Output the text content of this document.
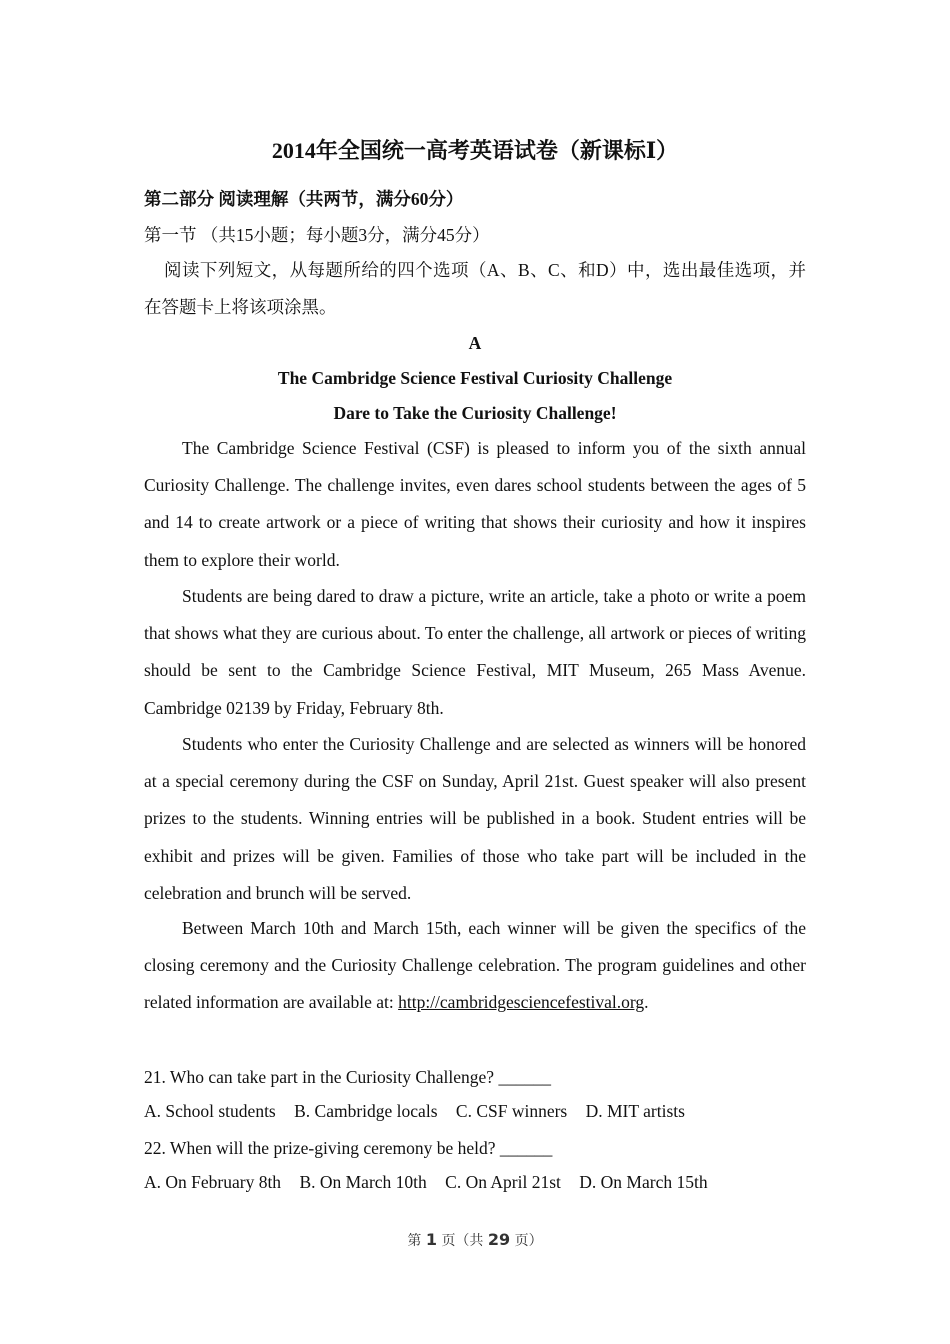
2014年全国统一高考英语试卷（新课标Ⅰ）
第二部分 阅读理解（共两节，满分60分）
第一节 （共15小题；每小题3分，满分45分）
阅读下列短文，从每题所给的四个选项（A、B、C、和D）中，选出最佳选项，并在答题卡上将该项涂黑。
A
The Cambridge Science Festival Curiosity Challenge
Dare to Take the Curiosity Challenge!
The Cambridge Science Festival (CSF) is pleased to inform you of the sixth annual Curiosity Challenge. The challenge invites, even dares school students between the ages of 5 and 14 to create artwork or a piece of writing that shows their curiosity and how it inspires them to explore their world.
Students are being dared to draw a picture, write an article, take a photo or write a poem that shows what they are curious about. To enter the challenge, all artwork or pieces of writing should be sent to the Cambridge Science Festival, MIT Museum, 265 Mass Avenue. Cambridge 02139 by Friday, February 8th.
Students who enter the Curiosity Challenge and are selected as winners will be honored at a special ceremony during the CSF on Sunday, April 21st. Guest speaker will also present prizes to the students. Winning entries will be published in a book. Student entries will be exhibit and prizes will be given. Families of those who take part will be included in the celebration and brunch will be served.
Between March 10th and March 15th, each winner will be given the specifics of the closing ceremony and the Curiosity Challenge celebration. The program guidelines and other related information are available at: http://cambridgesciencefestival.org.
21. Who can take part in the Curiosity Challenge? ______
A. School students B. Cambridge locals C. CSF winners D. MIT artists
22. When will the prize-giving ceremony be held? ______
A. On February 8th B. On March 10th C. On April 21st D. On March 15th
第 1 页（共 29 页）
